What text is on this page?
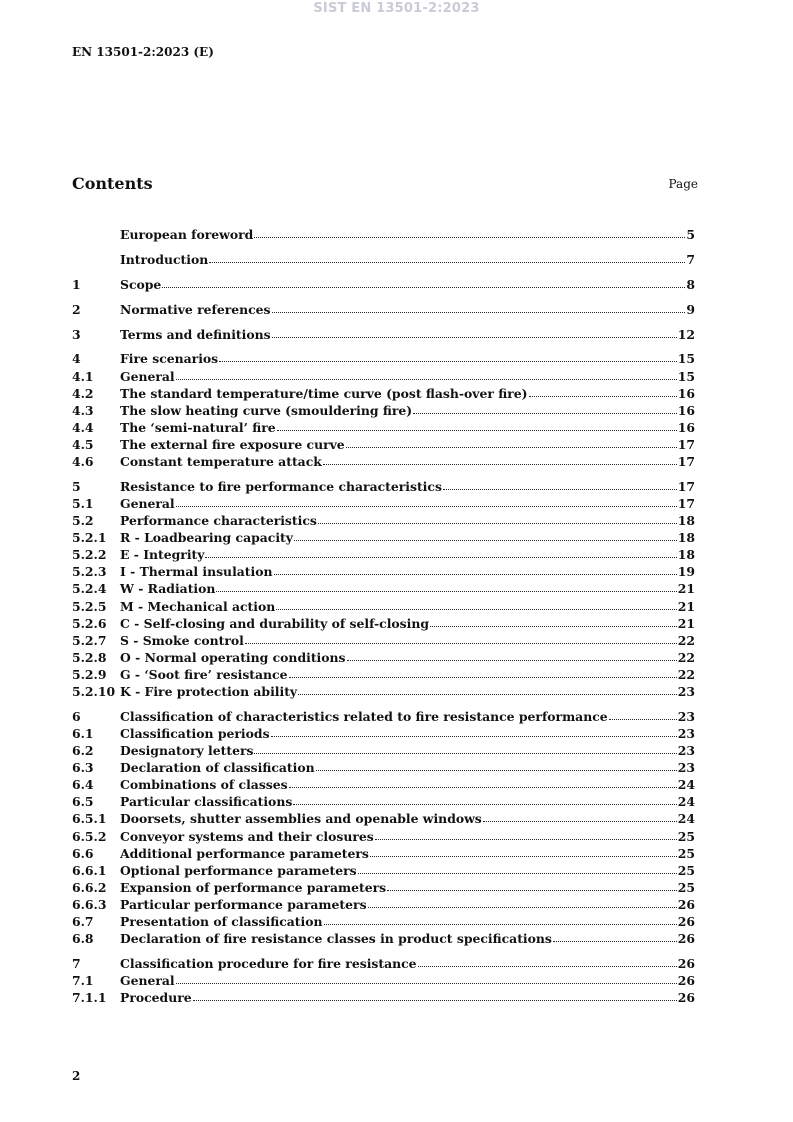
SIST EN 13501-2:2023
EN 13501-2:2023 (E)
Contents	Page
European foreword	5
Introduction	7
1	Scope	8
2	Normative references	9
3	Terms and definitions	12
4	Fire scenarios	15
4.1	General	15
4.2	The standard temperature/time curve (post flash-over fire)	16
4.3	The slow heating curve (smouldering fire)	16
4.4	The ‘semi-natural’ fire	16
4.5	The external fire exposure curve	17
4.6	Constant temperature attack	17
5	Resistance to fire performance characteristics	17
5.1	General	17
5.2	Performance characteristics	18
5.2.1	R - Loadbearing capacity	18
5.2.2	E - Integrity	18
5.2.3	I - Thermal insulation	19
5.2.4	W - Radiation	21
5.2.5	M - Mechanical action	21
5.2.6	C - Self-closing and durability of self-closing	21
5.2.7	S - Smoke control	22
5.2.8	O - Normal operating conditions	22
5.2.9	G - ‘Soot fire’ resistance	22
5.2.10 K - Fire protection ability	23
6	Classification of characteristics related to fire resistance performance	23
6.1	Classification periods	23
6.2	Designatory letters	23
6.3	Declaration of classification	23
6.4	Combinations of classes	24
6.5	Particular classifications	24
6.5.1	Doorsets, shutter assemblies and openable windows	24
6.5.2	Conveyor systems and their closures	25
6.6	Additional performance parameters	25
6.6.1	Optional performance parameters	25
6.6.2	Expansion of performance parameters	25
6.6.3	Particular performance parameters	26
6.7	Presentation of classification	26
6.8	Declaration of fire resistance classes in product specifications	26
7	Classification procedure for fire resistance	26
7.1	General	26
7.1.1	Procedure	26
2
